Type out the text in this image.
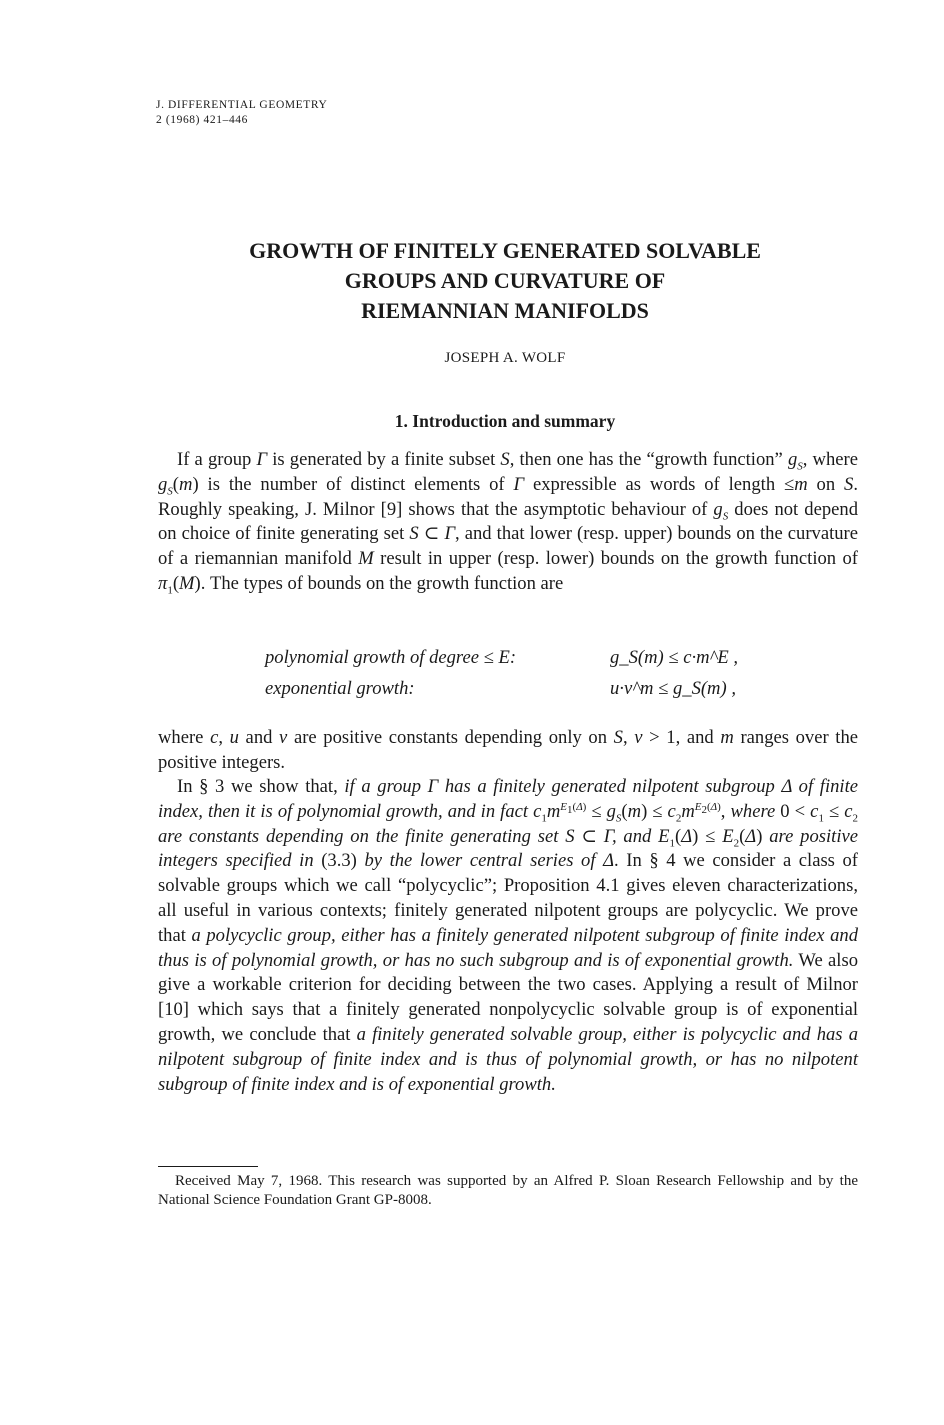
J. DIFFERENTIAL GEOMETRY
2 (1968) 421–446
GROWTH OF FINITELY GENERATED SOLVABLE
GROUPS AND CURVATURE OF
RIEMANNIAN MANIFOLDS
JOSEPH A. WOLF
1. Introduction and summary

If a group Γ is generated by a finite subset S, then one has the “growth function” $g_S$, where $g_S(m)$ is the number of distinct elements of Γ expressible as words of length ≤m on S. Roughly speaking, J. Milnor [9] shows that the asymptotic behaviour of $g_S$ does not depend on choice of finite generating set S ⊂ Γ, and that lower (resp. upper) bounds on the curvature of a riemannian manifold M result in upper (resp. lower) bounds on the growth function of $\pi_1(M)$. The types of bounds on the growth function are

polynomial growth of degree ≤ E:	g_S(m) ≤ c·m^E ,
exponential growth:	u·v^m ≤ g_S(m) ,

where c, u and v are positive constants depending only on S, v > 1, and m ranges over the positive integers.

In § 3 we show that, if a group Γ has a finitely generated nilpotent subgroup Δ of finite index, then it is of polynomial growth, and in fact $c_1m^{E_1(\Delta)} \le g_S(m) \le c_2m^{E_2(\Delta)}$, where $0 < c_1 \le c_2$ are constants depending on the finite generating set S ⊂ Γ, and $E_1(\Delta) \le E_2(\Delta)$ are positive integers specified in (3.3) by the lower central series of Δ. In § 4 we consider a class of solvable groups which we call “polycyclic”; Proposition 4.1 gives eleven characterizations, all useful in various contexts; finitely generated nilpotent groups are polycyclic. We prove that a polycyclic group, either has a finitely generated nilpotent subgroup of finite index and thus is of polynomial growth, or has no such subgroup and is of exponential growth. We also give a workable criterion for deciding between the two cases. Applying a result of Milnor [10] which says that a finitely generated nonpolycyclic solvable group is of exponential growth, we conclude that a finitely generated solvable group, either is polycyclic and has a nilpotent subgroup of finite index and is thus of polynomial growth, or has no nilpotent subgroup of finite index and is of exponential growth.

Received May 7, 1968. This research was supported by an Alfred P. Sloan Research Fellowship and by the National Science Foundation Grant GP-8008.
